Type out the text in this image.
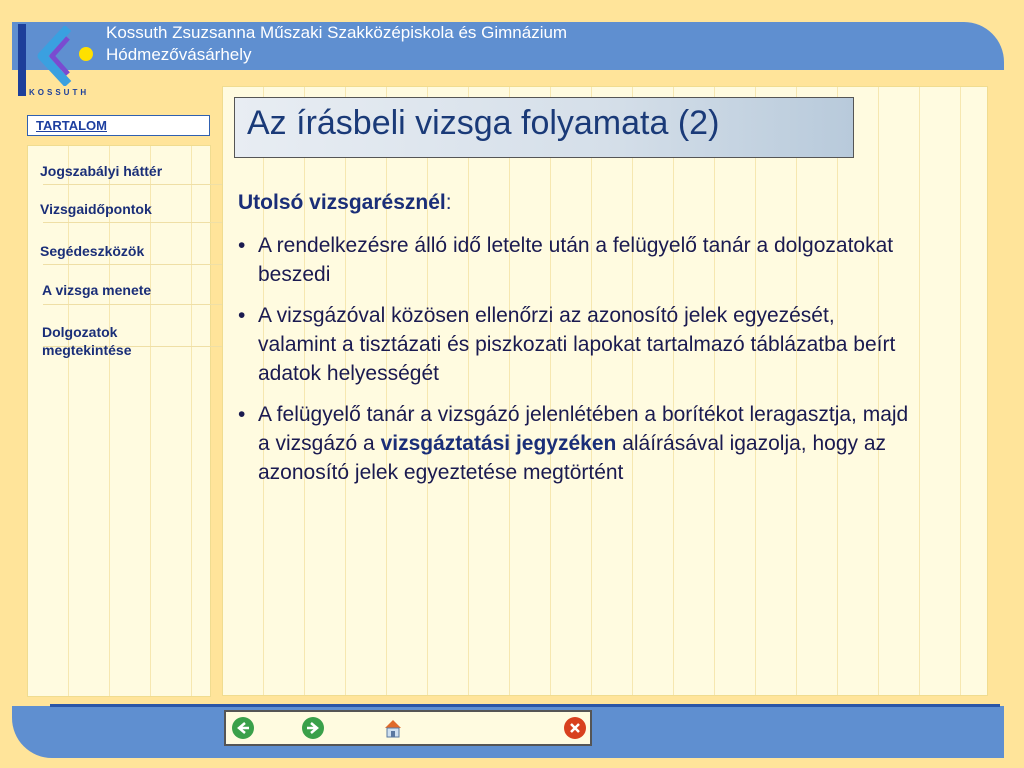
KOSSUTH
Kossuth Zsuzsanna Műszaki Szakközépiskola és Gimnázium
Hódmezővásárhely
TARTALOM
Jogszabályi háttér
Vizsgaidőpontok
Segédeszközök
A vizsga menete
Dolgozatok megtekintése
Az írásbeli vizsga folyamata (2)
Utolsó vizsgarésznél:
• A rendelkezésre álló idő letelte után a felügyelő tanár a dolgozatokat beszedi
• A vizsgázóval közösen ellenőrzi az azonosító jelek egyezését, valamint a tisztázati és piszkozati lapokat tartalmazó táblázatba beírt adatok helyességét
• A felügyelő tanár a vizsgázó jelenlétében a borítékot leragasztja, majd a vizsgázó a vizsgáztatási jegyzéken aláírásával igazolja, hogy az azonosító jelek egyeztetése megtörtént
